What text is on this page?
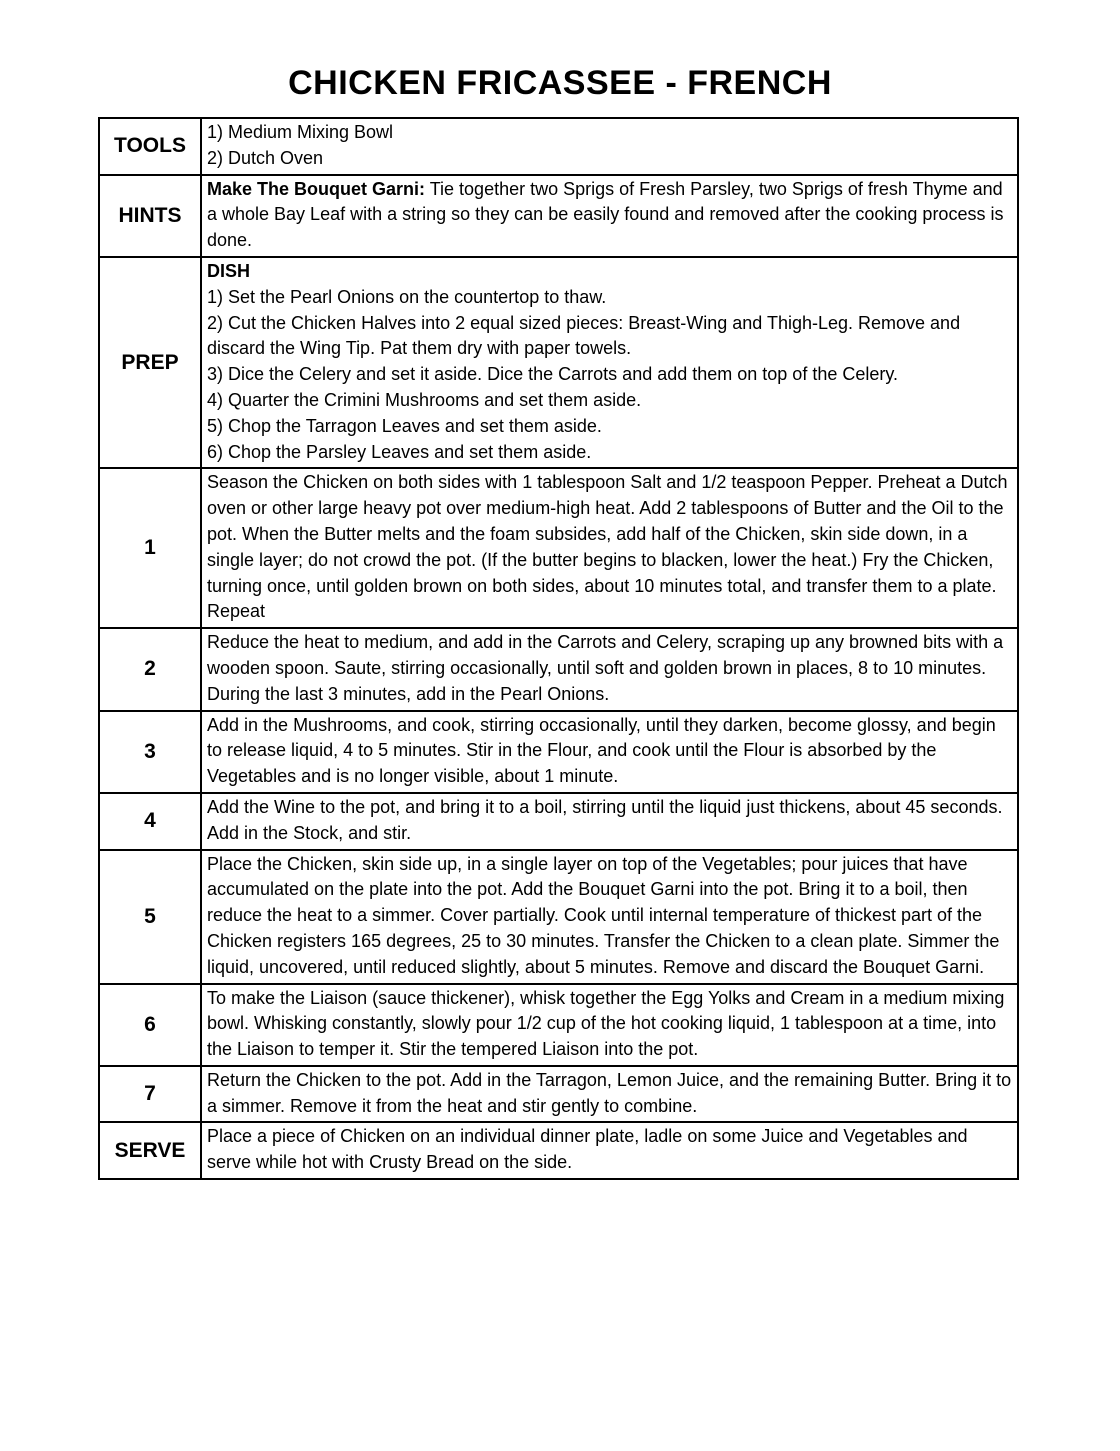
CHICKEN FRICASSEE - FRENCH
TOOLS	1) Medium Mixing Bowl
2) Dutch Oven

HINTS	Make The Bouquet Garni: Tie together two Sprigs of Fresh Parsley, two Sprigs of fresh Thyme and a whole Bay Leaf with a string so they can be easily found and removed after the cooking process is done.

PREP	
DISH
1) Set the Pearl Onions on the countertop to thaw.
2) Cut the Chicken Halves into 2 equal sized pieces: Breast-Wing and Thigh-Leg. Remove and discard the Wing Tip. Pat them dry with paper towels.
3) Dice the Celery and set it aside. Dice the Carrots and add them on top of the Celery.
4) Quarter the Crimini Mushrooms and set them aside.
5) Chop the Tarragon Leaves and set them aside.
6) Chop the Parsley Leaves and set them aside.

1	Season the Chicken on both sides with 1 tablespoon Salt and 1/2 teaspoon Pepper. Preheat a Dutch oven or other large heavy pot over medium-high heat. Add 2 tablespoons of Butter and the Oil to the pot. When the Butter melts and the foam subsides, add half of the Chicken, skin side down, in a single layer; do not crowd the pot. (If the butter begins to blacken, lower the heat.) Fry the Chicken, turning once, until golden brown on both sides, about 10 minutes total, and transfer them to a plate. Repeat

2	Reduce the heat to medium, and add in the Carrots and Celery, scraping up any browned bits with a wooden spoon. Saute, stirring occasionally, until soft and golden brown in places, 8 to 10 minutes. During the last 3 minutes, add in the Pearl Onions.

3	Add in the Mushrooms, and cook, stirring occasionally, until they darken, become glossy, and begin to release liquid, 4 to 5 minutes. Stir in the Flour, and cook until the Flour is absorbed by the Vegetables and is no longer visible, about 1 minute.

4	Add the Wine to the pot, and bring it to a boil, stirring until the liquid just thickens, about 45 seconds. Add in the Stock, and stir.

5	Place the Chicken, skin side up, in a single layer on top of the Vegetables; pour juices that have accumulated on the plate into the pot. Add the Bouquet Garni into the pot. Bring it to a boil, then reduce the heat to a simmer. Cover partially. Cook until internal temperature of thickest part of the Chicken registers 165 degrees, 25 to 30 minutes. Transfer the Chicken to a clean plate. Simmer the liquid, uncovered, until reduced slightly, about 5 minutes. Remove and discard the Bouquet Garni.

6	To make the Liaison (sauce thickener), whisk together the Egg Yolks and Cream in a medium mixing bowl. Whisking constantly, slowly pour 1/2 cup of the hot cooking liquid, 1 tablespoon at a time, into the Liaison to temper it. Stir the tempered Liaison into the pot.

7	Return the Chicken to the pot. Add in the Tarragon, Lemon Juice, and the remaining Butter. Bring it to a simmer. Remove it from the heat and stir gently to combine.

SERVE	Place a piece of Chicken on an individual dinner plate, ladle on some Juice and Vegetables and serve while hot with Crusty Bread on the side.
